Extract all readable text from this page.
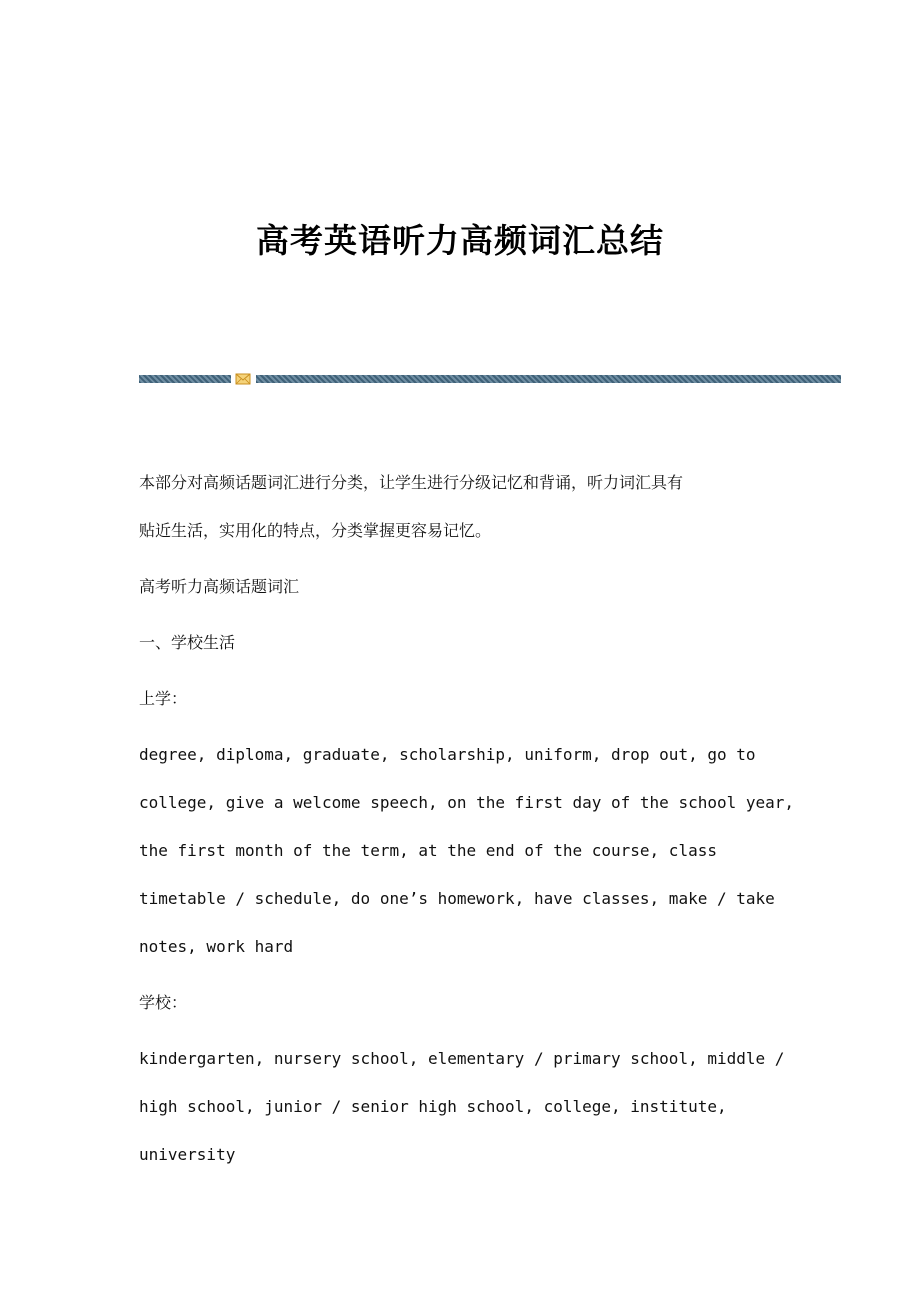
高考英语听力高频词汇总结
本部分对高频话题词汇进行分类，让学生进行分级记忆和背诵，听力词汇具有
贴近生活，实用化的特点，分类掌握更容易记忆。
高考听力高频话题词汇
一、学校生活
上学：
degree, diploma, graduate, scholarship, uniform, drop out, go to
college, give a welcome speech, on the first day of the school year,
the first month of the term, at the end of the course, class
timetable / schedule, do one’s homework, have classes, make / take
notes, work hard
学校：
kindergarten, nursery school, elementary / primary school, middle /
high school, junior / senior high school, college, institute,
university
